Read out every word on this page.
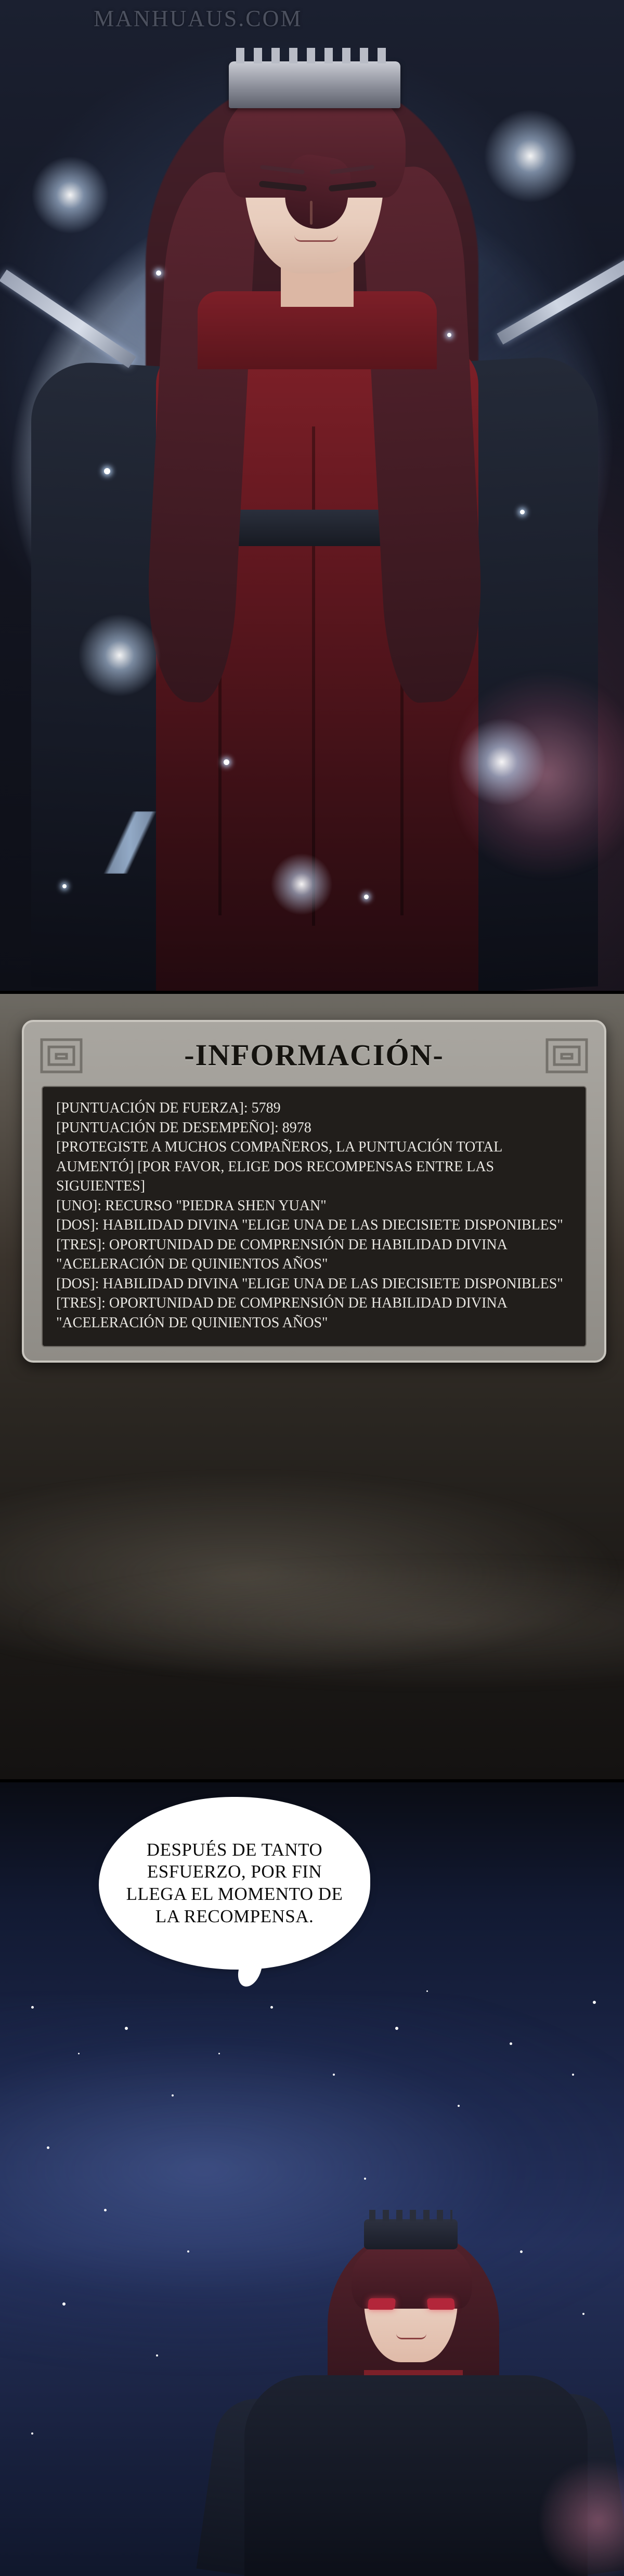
MANHUAUS.COM
-INFORMACIÓN-

[PUNTUACIÓN DE FUERZA]: 5789

[PUNTUACIÓN DE DESEMPEÑO]: 8978

[PROTEGISTE A MUCHOS COMPAÑEROS, LA PUNTUACIÓN TOTAL AUMENTÓ] [POR FAVOR, ELIGE DOS RECOMPENSAS ENTRE LAS SIGUIENTES]

[UNO]: RECURSO "PIEDRA SHEN YUAN"

[DOS]: HABILIDAD DIVINA "ELIGE UNA DE LAS DIECISIETE DISPONIBLES"

[TRES]: OPORTUNIDAD DE COMPRENSIÓN DE HABILIDAD DIVINA "ACELERACIÓN DE QUINIENTOS AÑOS"

[DOS]: HABILIDAD DIVINA "ELIGE UNA DE LAS DIECISIETE DISPONIBLES"

[TRES]: OPORTUNIDAD DE COMPRENSIÓN DE HABILIDAD DIVINA "ACELERACIÓN DE QUINIENTOS AÑOS"

DESPUÉS DE TANTO ESFUERZO, POR FIN LLEGA EL MOMENTO DE LA RECOMPENSA.
